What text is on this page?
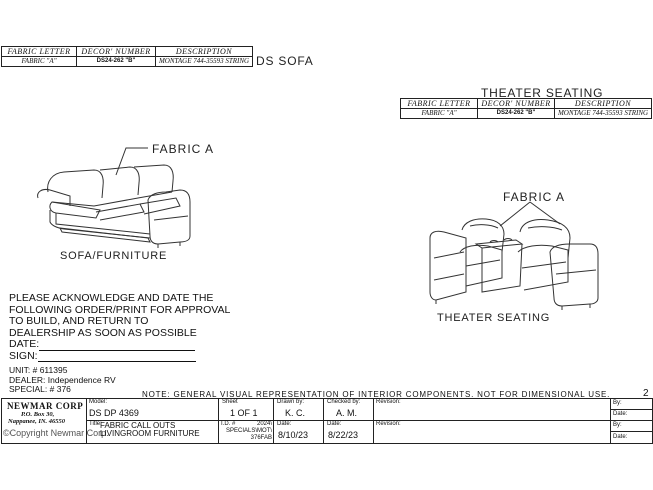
FABRIC LETTER	DECOR' NUMBER	DESCRIPTION
FABRIC "A"	DS24-262 "B"	MONTAGE 744-35593 STRING DS SOFA
THEATER SEATING
FABRIC LETTER	DECOR' NUMBER	DESCRIPTION
FABRIC "A"	DS24-262 "B"	MONTAGE 744-35593 STRING
FABRIC A
SOFA/FURNITURE
FABRIC A
THEATER SEATING
PLEASE ACKNOWLEDGE AND DATE THE
FOLLOWING ORDER/PRINT FOR APPROVAL
TO BUILD, AND RETURN TO
DEALERSHIP AS SOON AS POSSIBLE
DATE:
SIGN:
UNIT: # 611395
DEALER: Independence RV
SPECIAL: # 376
NOTE: GENERAL VISUAL REPRESENTATION OF INTERIOR COMPONENTS. NOT FOR DIMENSIONAL USE.	2
NEWMAR CORP
P.O. Box 30,
Nappanee, IN. 46550
©Copyright Newmar Corp.
Model:
DS DP 4369
Title:
FABRIC CALL OUTS LIVINGROOM FURNITURE
Sheet
1 OF 1
I.D. #	2024\ SPECIALS\MOT\ 376FAB
Drawn by:
K. C.
Date:
8/10/23
Checked by:
A. M.
Date:
8/22/23
Revision:
Revision:
By:
Date:
By:
Date:
